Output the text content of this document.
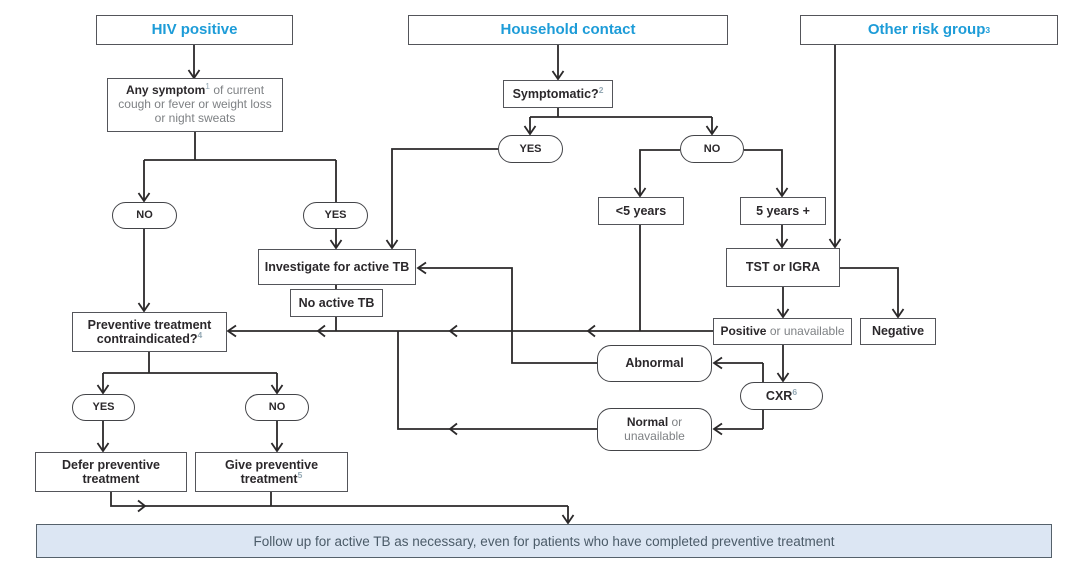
HIV positive	Household contact	Other risk group 3
Any symptom$^1$ of current cough or fever or weight loss or night sweats
NO	YES
Symptomatic?$^2$
YES	NO
<5 years	5 years +
TST or IGRA
Positive or unavailable Negative
CXR$^6$
Abnormal
Normal or unavailable
Investigate for active TB
No active TB
Preventive treatment contraindicated?$^4$
YES	NO
Defer preventive treatment
Give preventive treatment$^5$
Follow up for active TB as necessary, even for patients who have completed preventive treatment
